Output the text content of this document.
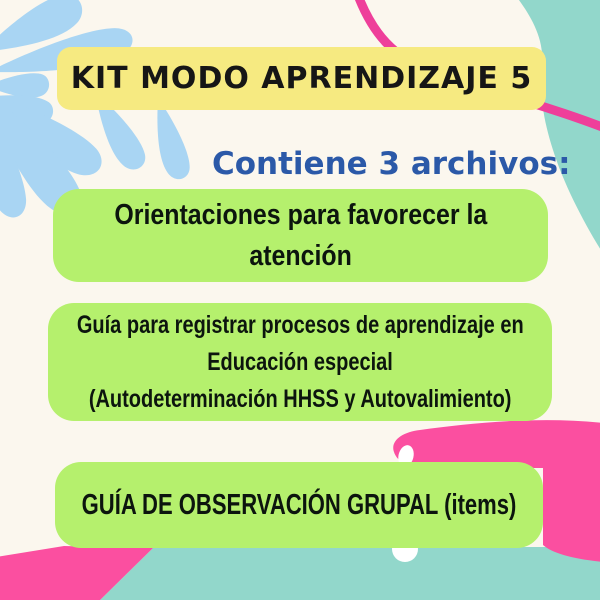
KIT MODO APRENDIZAJE 5
Contiene 3 archivos:
Orientaciones para favorecer la
atención
Guía para registrar procesos de aprendizaje en
Educación especial
(Autodeterminación HHSS y Autovalimiento)
GUÍA DE OBSERVACIÓN GRUPAL (items)
